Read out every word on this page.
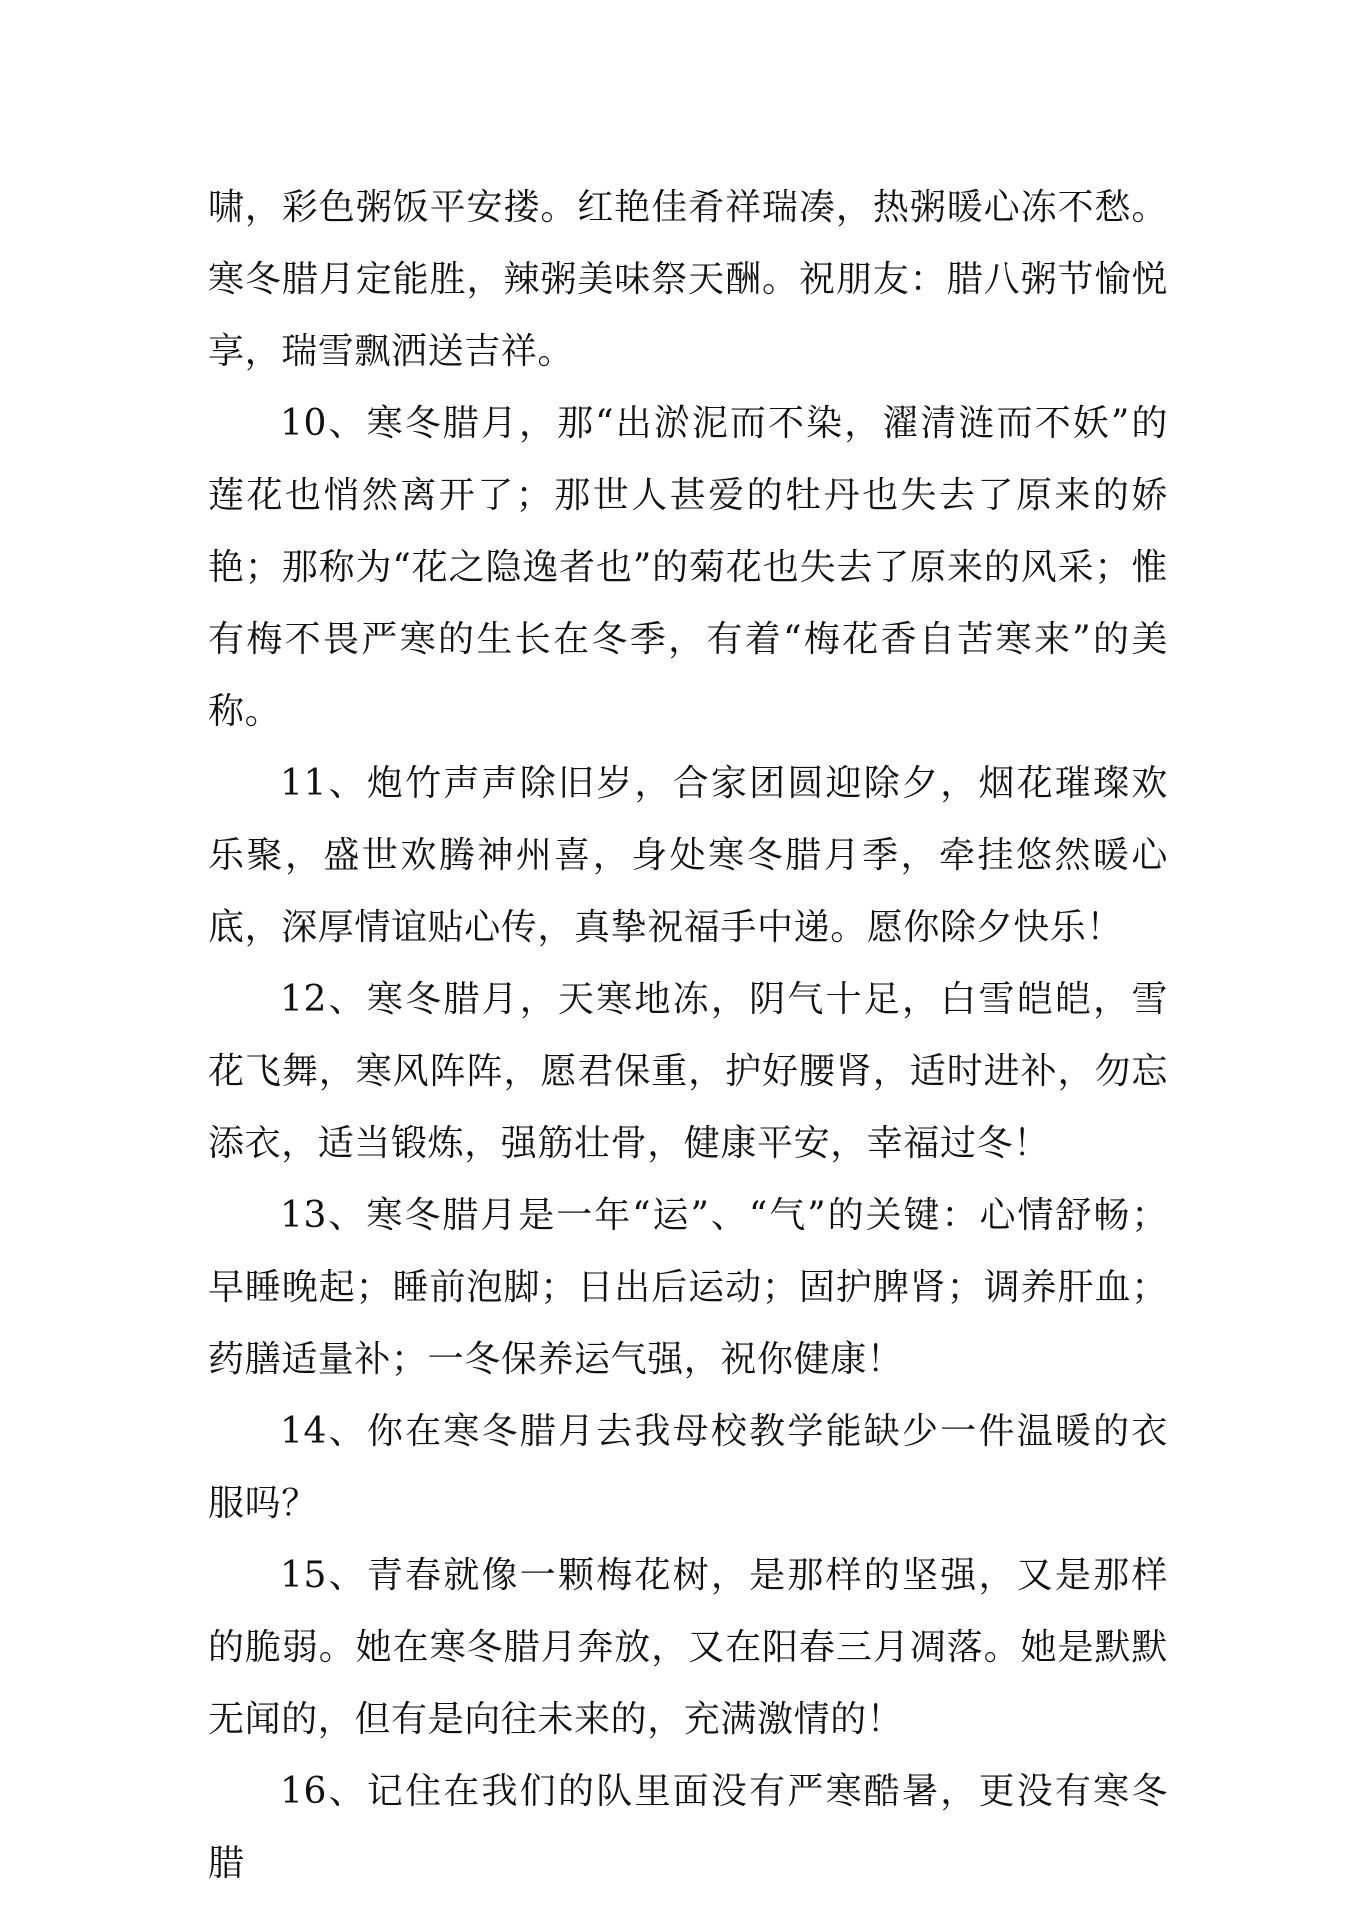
啸，彩色粥饭平安搂。红艳佳肴祥瑞凑，热粥暖心冻不愁。寒冬腊月定能胜，辣粥美味祭天酬。祝朋友：腊八粥节愉悦享，瑞雪飘洒送吉祥。

10、寒冬腊月，那“出淤泥而不染，濯清涟而不妖”的莲花也悄然离开了；那世人甚爱的牡丹也失去了原来的娇艳；那称为“花之隐逸者也”的菊花也失去了原来的风采；惟有梅不畏严寒的生长在冬季，有着“梅花香自苦寒来”的美称。

11、炮竹声声除旧岁，合家团圆迎除夕，烟花璀璨欢乐聚，盛世欢腾神州喜，身处寒冬腊月季，牵挂悠然暖心底，深厚情谊贴心传，真挚祝福手中递。愿你除夕快乐！

12、寒冬腊月，天寒地冻，阴气十足，白雪皑皑，雪花飞舞，寒风阵阵，愿君保重，护好腰肾，适时进补，勿忘添衣，适当锻炼，强筋壮骨，健康平安，幸福过冬！

13、寒冬腊月是一年“运”、“气”的关键：心情舒畅；早睡晚起；睡前泡脚；日出后运动；固护脾肾；调养肝血；药膳适量补；一冬保养运气强，祝你健康！

14、你在寒冬腊月去我母校教学能缺少一件温暖的衣服吗？

15、青春就像一颗梅花树，是那样的坚强，又是那样的脆弱。她在寒冬腊月奔放，又在阳春三月凋落。她是默默无闻的，但有是向往未来的，充满激情的！

16、记住在我们的队里面没有严寒酷暑，更没有寒冬腊
